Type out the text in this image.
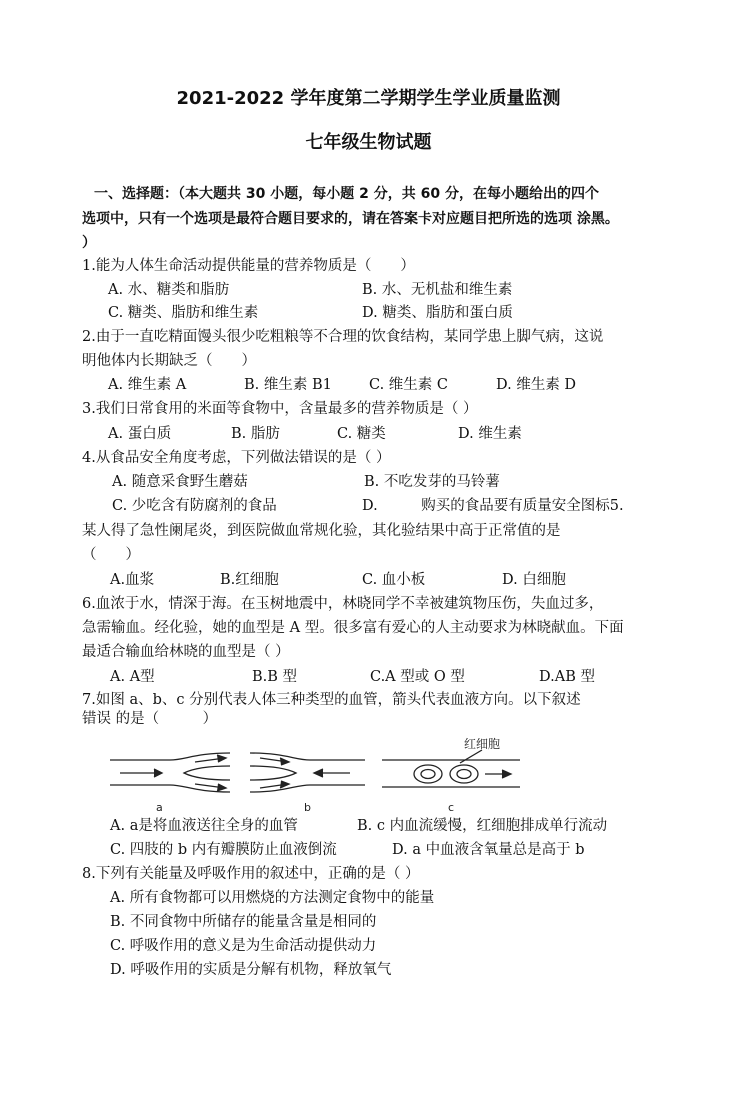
2021-2022 学年度第二学期学生学业质量监测
七年级生物试题
一、选择题：（本大题共 30 小题，每小题 2 分，共 60 分，在每小题给出的四个
选项中，只有一个选项是最符合题目要求的，请在答案卡对应题目把所选的选项 涂黑。
）
1.能为人体生命活动提供能量的营养物质是（　　）
A. 水、糖类和脂肪	B. 水、无机盐和维生素
C. 糖类、脂肪和维生素	D. 糖类、脂肪和蛋白质
2.由于一直吃精面馒头很少吃粗粮等不合理的饮食结构，某同学患上脚气病，这说
明他体内长期缺乏（　　）
A. 维生素 A	B. 维生素 B1	C. 维生素 C	D. 维生素 D
3.我们日常食用的米面等食物中，含量最多的营养物质是（ ）
A. 蛋白质	B. 脂肪	C. 糖类	D. 维生素
4.从食品安全角度考虑，下列做法错误的是（ ）
A. 随意采食野生蘑菇	B. 不吃发芽的马铃薯
C. 少吃含有防腐剂的食品	D.　　　购买的食品要有质量安全图标5.
某人得了急性阑尾炎，到医院做血常规化验，其化验结果中高于正常值的是
（　　）
A.血浆	B.红细胞	C. 血小板	D. 白细胞
6.血浓于水，情深于海。在玉树地震中，林晓同学不幸被建筑物压伤，失血过多，
急需输血。经化验，她的血型是 A 型。很多富有爱心的人主动要求为林晓献血。下面
最适合输血给林晓的血型是（ ）
A. A型	B.B 型	C.A 型或 O 型	D.AB 型
7.如图 a、b、c 分别代表人体三种类型的血管，箭头代表血液方向。以下叙述
错误 的是（　　　）
a	b
红细胞
c
A. a是将血液送往全身的血管	B. c 内血流缓慢，红细胞排成单行流动
C. 四肢的 b 内有瓣膜防止血液倒流	D. a 中血液含氧量总是高于 b
8.下列有关能量及呼吸作用的叙述中，正确的是（ ）
A. 所有食物都可以用燃烧的方法测定食物中的能量
B. 不同食物中所储存的能量含量是相同的
C. 呼吸作用的意义是为生命活动提供动力
D. 呼吸作用的实质是分解有机物，释放氧气
